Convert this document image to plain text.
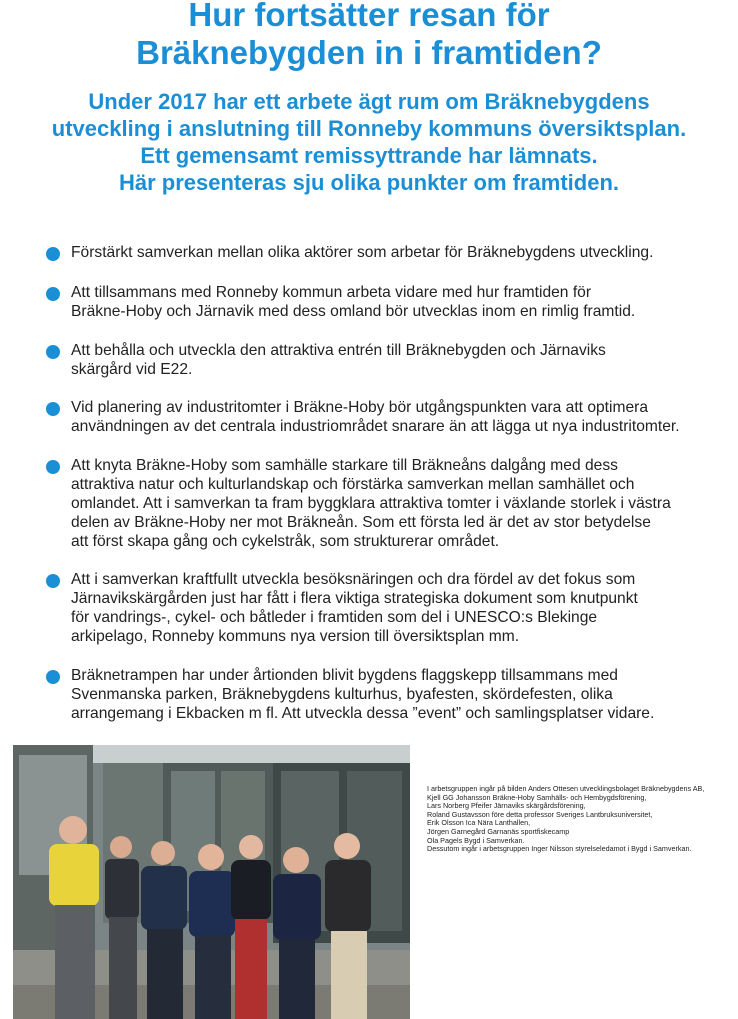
Hur fortsätter resan för
Bräknebygden in i framtiden?
Under 2017 har ett arbete ägt rum om Bräknebygdens
utveckling i anslutning till Ronneby kommuns översiktsplan.
Ett gemensamt remissyttrande har lämnats.
Här presenteras sju olika punkter om framtiden.

Förstärkt samverkan mellan olika aktörer som arbetar för Bräknebygdens utveckling.

Att tillsammans med Ronneby kommun arbeta vidare med hur framtiden för
Bräkne-Hoby och Järnavik med dess omland bör utvecklas inom en rimlig framtid.

Att behålla och utveckla den attraktiva entrén till Bräknebygden och Järnaviks
skärgård vid E22.

Vid planering av industritomter i Bräkne-Hoby bör utgångspunkten vara att optimera
användningen av det centrala industriområdet snarare än att lägga ut nya industritomter.

Att knyta Bräkne-Hoby som samhälle starkare till Bräkneåns dalgång med dess
attraktiva natur och kulturlandskap och förstärka samverkan mellan samhället och
omlandet. Att i samverkan ta fram byggklara attraktiva tomter i växlande storlek i västra
delen av Bräkne-Hoby ner mot Bräkneån. Som ett första led är det av stor betydelse
att först skapa gång och cykelstråk, som strukturerar området.

Att i samverkan kraftfullt utveckla besöksnäringen och dra fördel av det fokus som
Järnavikskärgården just har fått i flera viktiga strategiska dokument som knutpunkt
för vandrings-, cykel- och båtleder i framtiden som del i UNESCO:s Blekinge
arkipelago, Ronneby kommuns nya version till översiktsplan mm.

Bräknetrampen har under årtionden blivit bygdens flaggskepp tillsammans med
Svenmanska parken, Bräknebygdens kulturhus, byafesten, skördefesten, olika
arrangemang i Ekbacken m fl. Att utveckla dessa ”event” och samlingsplatser vidare.

I arbetsgruppen ingår på bilden Anders Ottesen utvecklingsbolaget Bräknebygdens AB,
Kjell GG Johansson Bräkne-Hoby Samhälls- och Hembygdsförening,
Lars Norberg Pfeifer Järnaviks skärgårdsförening,
Roland Gustavsson före detta professor Sveriges Lantbruksuniversitet,
Erik Olsson Ica Nära Lanthallen,
Jörgen Garnegård Garnanäs sportfiskecamp
Ola Pagels Bygd i Samverkan.
Dessutom ingår i arbetsgruppen Inger Nilsson styrelseledamot i Bygd i Samverkan.
